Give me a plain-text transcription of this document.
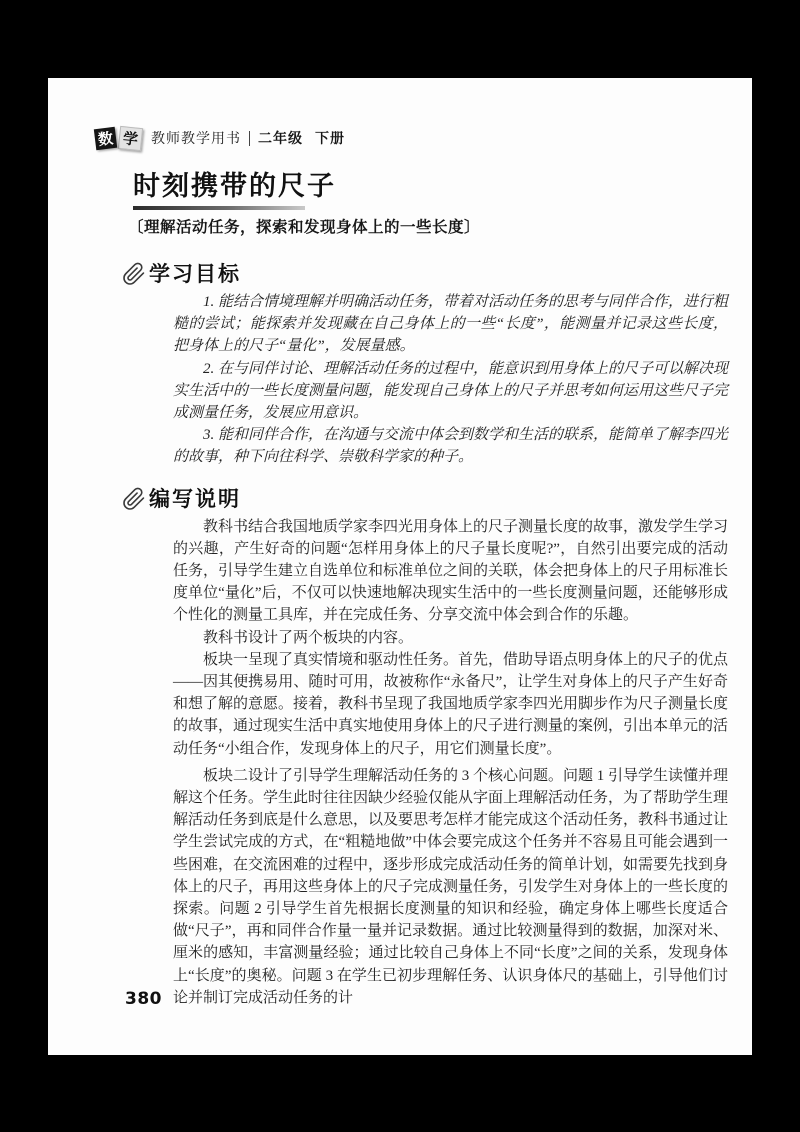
数 学 教师教学用书 二年级 下册
时刻携带的尺子
〔理解活动任务，探索和发现身体上的一些长度〕
学习目标

1. 能结合情境理解并明确活动任务，带着对活动任务的思考与同伴合作，进行粗糙的尝试；能探索并发现藏在自己身体上的一些“长度”，能测量并记录这些长度，把身体上的尺子“量化”，发展量感。

2. 在与同伴讨论、理解活动任务的过程中，能意识到用身体上的尺子可以解决现实生活中的一些长度测量问题，能发现自己身体上的尺子并思考如何运用这些尺子完成测量任务，发展应用意识。

3. 能和同伴合作，在沟通与交流中体会到数学和生活的联系，能简单了解李四光的故事，种下向往科学、崇敬科学家的种子。

编写说明

教科书结合我国地质学家李四光用身体上的尺子测量长度的故事，激发学生学习的兴趣，产生好奇的问题“怎样用身体上的尺子量长度呢?”，自然引出要完成的活动任务，引导学生建立自选单位和标准单位之间的关联，体会把身体上的尺子用标准长度单位“量化”后，不仅可以快速地解决现实生活中的一些长度测量问题，还能够形成个性化的测量工具库，并在完成任务、分享交流中体会到合作的乐趣。

教科书设计了两个板块的内容。

板块一呈现了真实情境和驱动性任务。首先，借助导语点明身体上的尺子的优点——因其便携易用、随时可用，故被称作“永备尺”，让学生对身体上的尺子产生好奇和想了解的意愿。接着，教科书呈现了我国地质学家李四光用脚步作为尺子测量长度的故事，通过现实生活中真实地使用身体上的尺子进行测量的案例，引出本单元的活动任务“小组合作，发现身体上的尺子，用它们测量长度”。

板块二设计了引导学生理解活动任务的 3 个核心问题。问题 1 引导学生读懂并理解这个任务。学生此时往往因缺少经验仅能从字面上理解活动任务，为了帮助学生理解活动任务到底是什么意思，以及要思考怎样才能完成这个活动任务，教科书通过让学生尝试完成的方式，在“粗糙地做”中体会要完成这个任务并不容易且可能会遇到一些困难，在交流困难的过程中，逐步形成完成活动任务的简单计划，如需要先找到身体上的尺子，再用这些身体上的尺子完成测量任务，引发学生对身体上的一些长度的探索。问题 2 引导学生首先根据长度测量的知识和经验，确定身体上哪些长度适合做“尺子”，再和同伴合作量一量并记录数据。通过比较测量得到的数据，加深对米、厘米的感知，丰富测量经验；通过比较自己身体上不同“长度”之间的关系，发现身体上“长度”的奥秘。问题 3 在学生已初步理解任务、认识身体尺的基础上，引导他们讨论并制订完成活动任务的计

380
